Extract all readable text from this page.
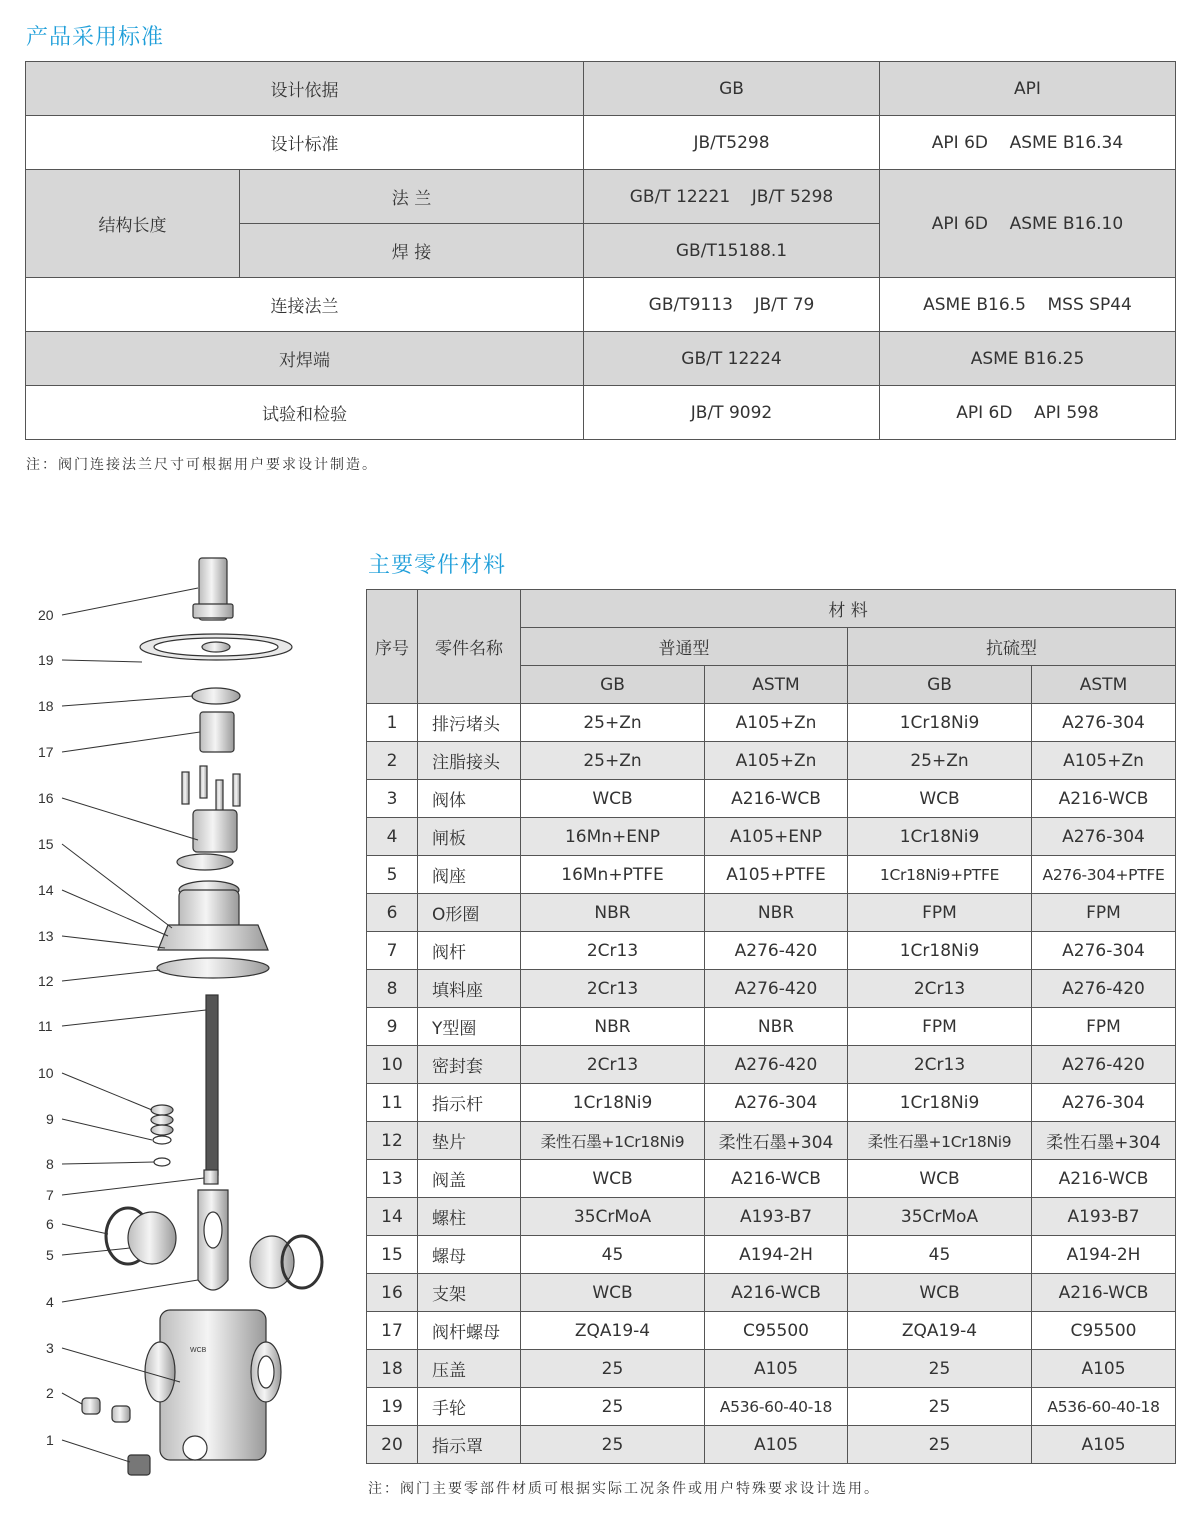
产品采用标准
设计依据		GB	API
设计标准		JB/T5298	API 6D    ASME B16.34
结构长度	法 兰	GB/T 12221    JB/T 5298	API 6D    ASME B16.10
	焊 接	GB/T15188.1	
连接法兰		GB/T9113    JB/T 79	ASME B16.5    MSS SP44
对焊端		GB/T 12224	ASME B16.25
试验和检验		JB/T 9092	API 6D    API 598

注：阀门连接法兰尺寸可根据用户要求设计制造。

WCB
20
19
18
17
16
15
14
13
12
11
10
9
8
7
6
5
4
3
2
1
主要零件材料
序号	零件名称	材 料			
		普通型		抗硫型	
		GB	ASTM	GB	ASTM
1	排污堵头	25+Zn	A105+Zn	1Cr18Ni9	A276-304
2	注脂接头	25+Zn	A105+Zn	25+Zn	A105+Zn
3	阀体	WCB	A216-WCB	WCB	A216-WCB
4	闸板	16Mn+ENP	A105+ENP	1Cr18Ni9	A276-304
5	阀座	16Mn+PTFE	A105+PTFE	1Cr18Ni9+PTFE	A276-304+PTFE
6	O形圈	NBR	NBR	FPM	FPM
7	阀杆	2Cr13	A276-420	1Cr18Ni9	A276-304
8	填料座	2Cr13	A276-420	2Cr13	A276-420
9	Y型圈	NBR	NBR	FPM	FPM
10	密封套	2Cr13	A276-420	2Cr13	A276-420
11	指示杆	1Cr18Ni9	A276-304	1Cr18Ni9	A276-304
12	垫片	柔性石墨+1Cr18Ni9	柔性石墨+304	柔性石墨+1Cr18Ni9	柔性石墨+304
13	阀盖	WCB	A216-WCB	WCB	A216-WCB
14	螺柱	35CrMoA	A193-B7	35CrMoA	A193-B7
15	螺母	45	A194-2H	45	A194-2H
16	支架	WCB	A216-WCB	WCB	A216-WCB
17	阀杆螺母	ZQA19-4	C95500	ZQA19-4	C95500
18	压盖	25	A105	25	A105
19	手轮	25	A536-60-40-18	25	A536-60-40-18
20	指示罩	25	A105	25	A105

注：阀门主要零部件材质可根据实际工况条件或用户特殊要求设计选用。
